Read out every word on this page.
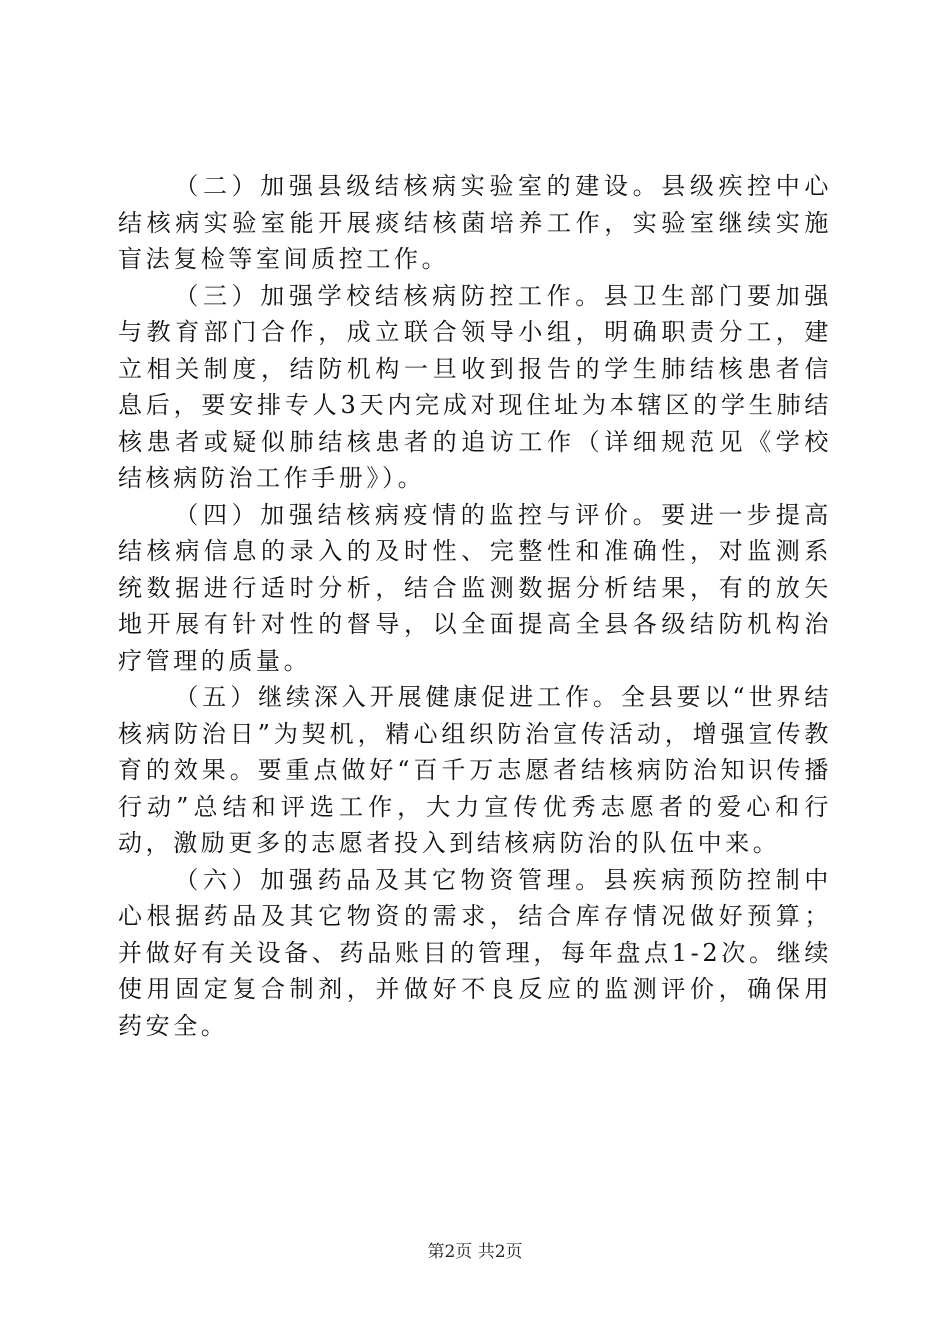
（二）加强县级结核病实验室的建设。县级疾控中心结核病实验室能开展痰结核菌培养工作，实验室继续实施盲法复检等室间质控工作。

（三）加强学校结核病防控工作。县卫生部门要加强与教育部门合作，成立联合领导小组，明确职责分工，建立相关制度，结防机构一旦收到报告的学生肺结核患者信息后，要安排专人3天内完成对现住址为本辖区的学生肺结核患者或疑似肺结核患者的追访工作（详细规范见《学校结核病防治工作手册》）。

（四）加强结核病疫情的监控与评价。要进一步提高结核病信息的录入的及时性、完整性和准确性，对监测系统数据进行适时分析，结合监测数据分析结果，有的放矢地开展有针对性的督导，以全面提高全县各级结防机构治疗管理的质量。

（五）继续深入开展健康促进工作。全县要以“世界结核病防治日”为契机，精心组织防治宣传活动，增强宣传教育的效果。要重点做好“百千万志愿者结核病防治知识传播行动”总结和评选工作，大力宣传优秀志愿者的爱心和行动，激励更多的志愿者投入到结核病防治的队伍中来。

（六）加强药品及其它物资管理。县疾病预防控制中心根据药品及其它物资的需求，结合库存情况做好预算；并做好有关设备、药品账目的管理，每年盘点1-2次。继续使用固定复合制剂，并做好不良反应的监测评价，确保用药安全。

第2页 共2页
